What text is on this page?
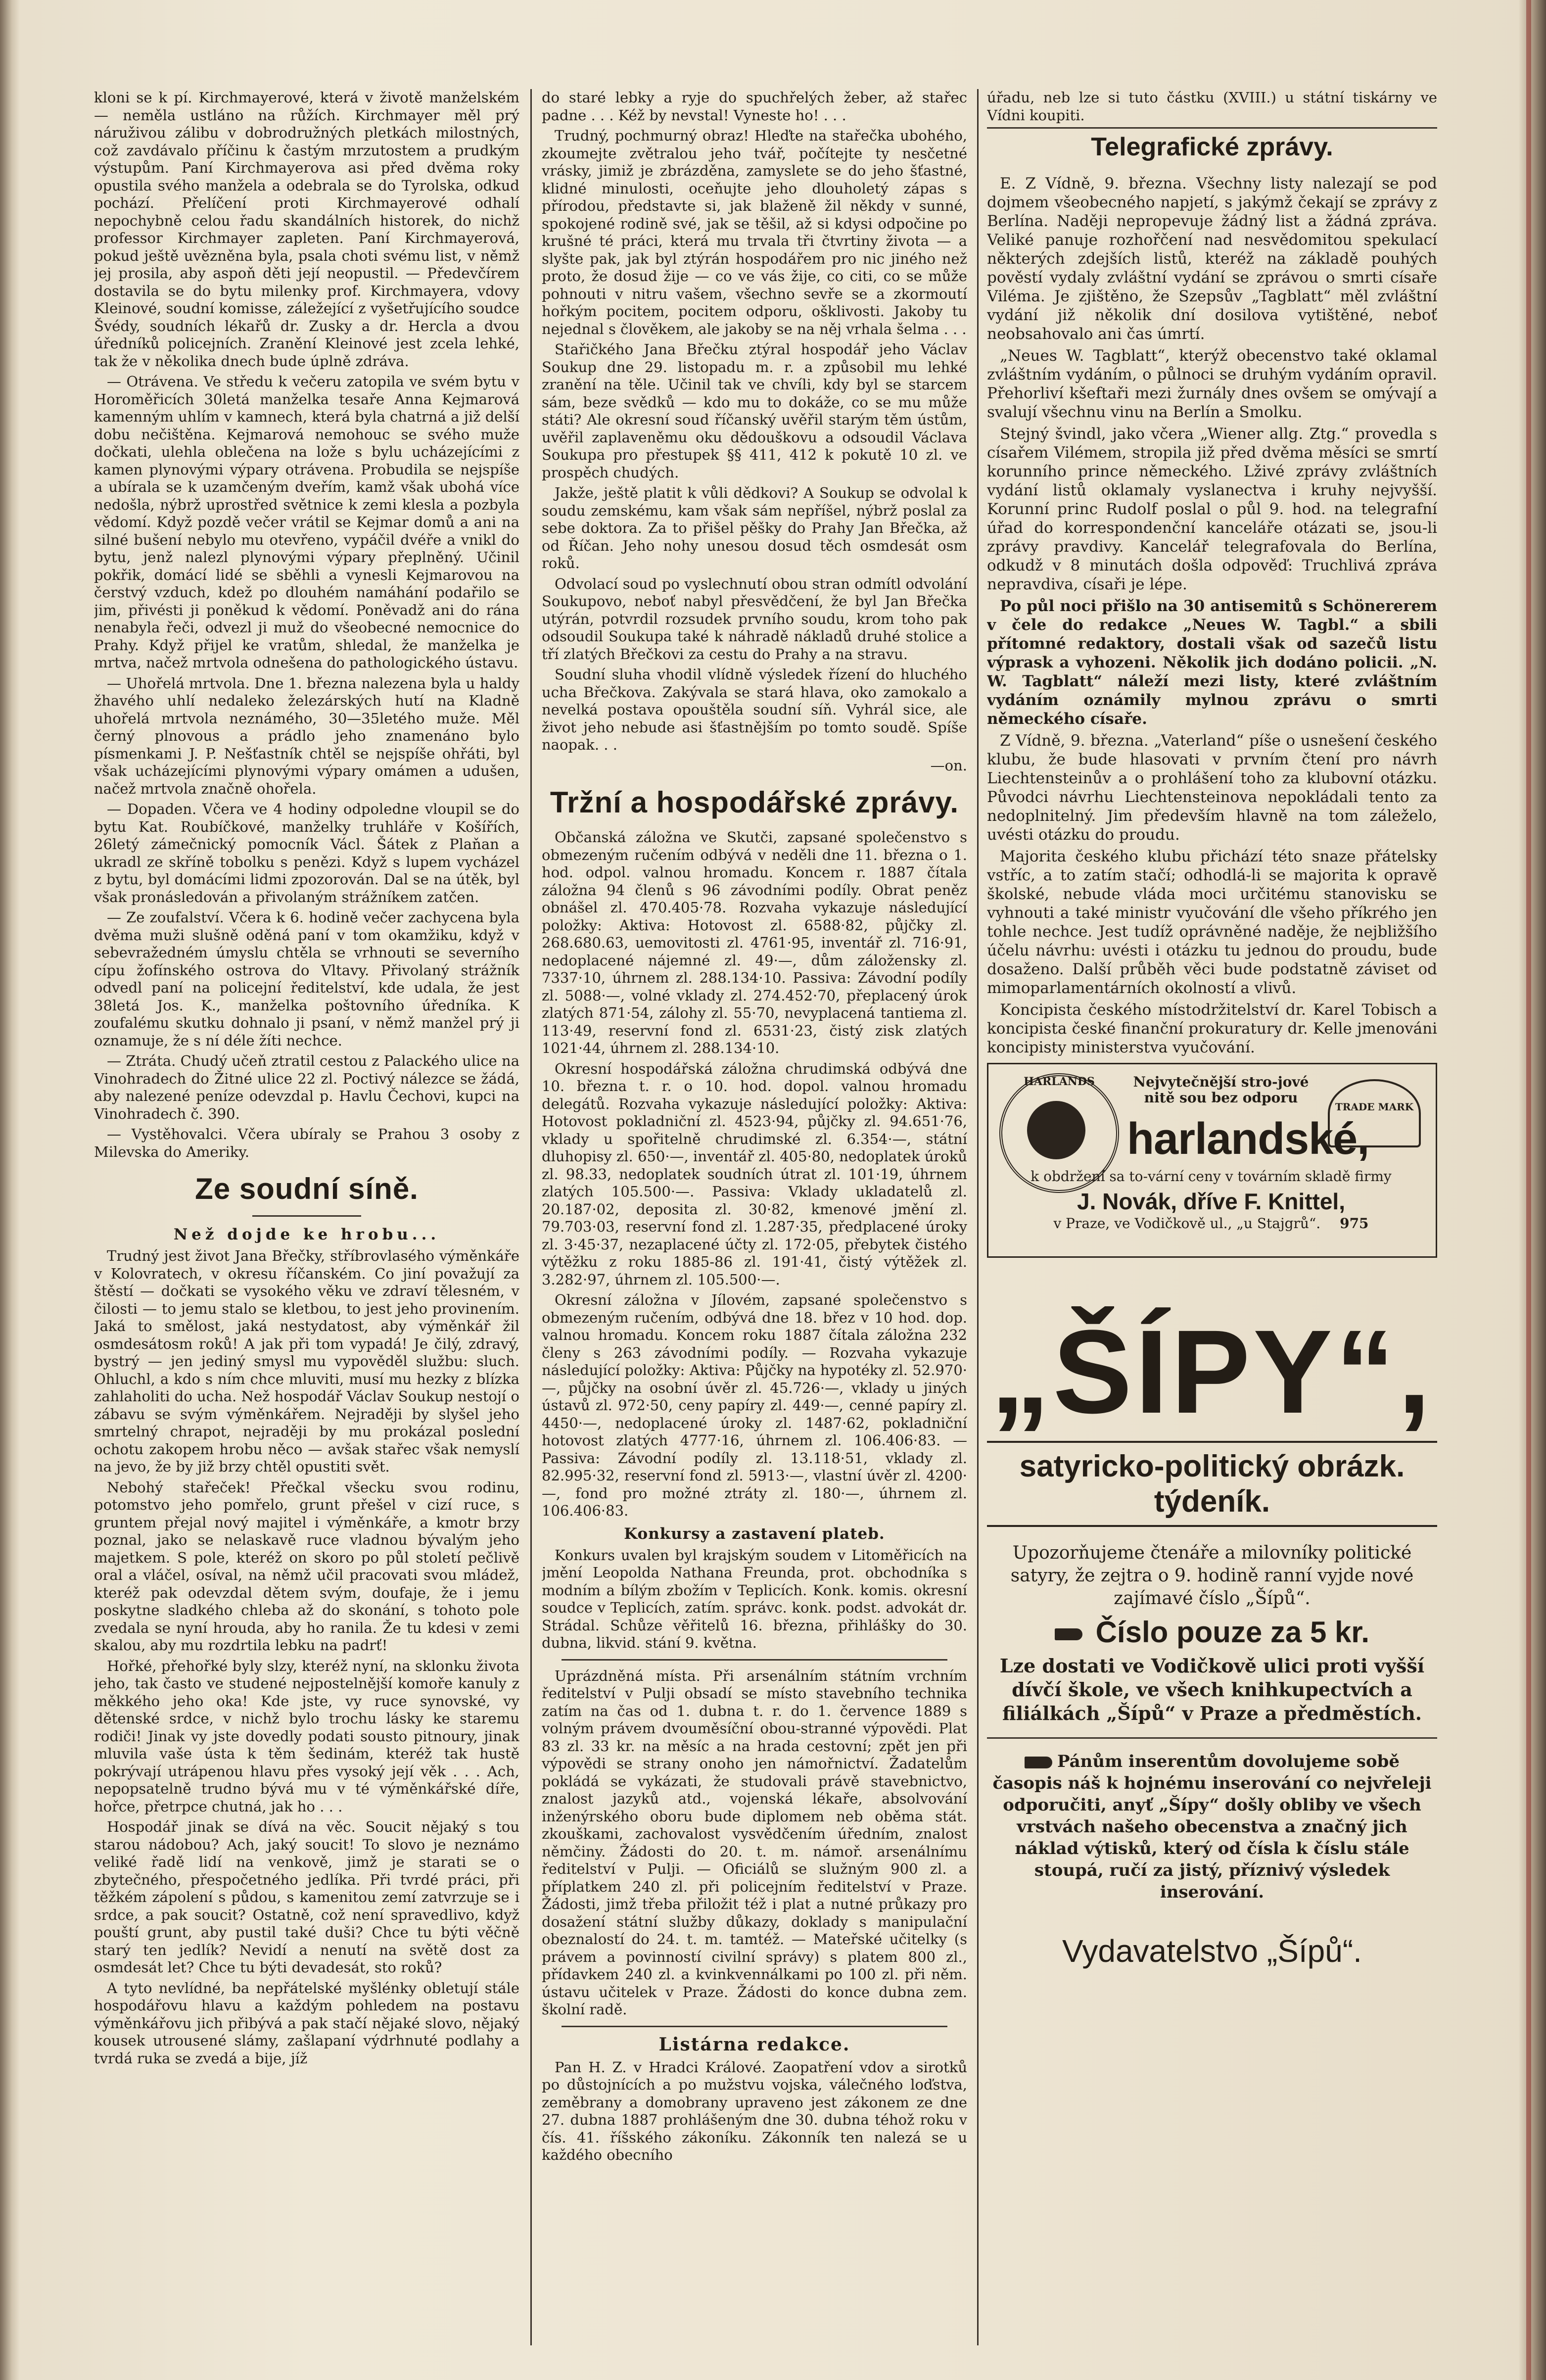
kloni se k pí. Kirchmayerové, která v životě manželském — neměla ustláno na růžích. Kirchmayer měl prý náruživou zálibu v dobrodružných pletkách milostných, což zavdávalo příčinu k častým mrzutostem a prudkým výstupům. Paní Kirchmayerova asi před dvěma roky opustila svého manžela a odebrala se do Tyrolska, odkud pochází. Přelíčení proti Kirchmayerové odhalí nepochybně celou řadu skandálních historek, do nichž professor Kirchmayer zapleten. Paní Kirchmayerová, pokud ještě uvězněna byla, psala choti svému list, v němž jej prosila, aby aspoň děti její neopustil. — Předevčírem dostavila se do bytu milenky prof. Kirchmayera, vdovy Kleinové, soudní komisse, záležející z vyšetřujícího soudce Švédy, soudních lékařů dr. Zusky a dr. Hercla a dvou úředníků policejních. Zranění Kleinové jest zcela lehké, tak že v několika dnech bude úplně zdráva.

— Otrávena. Ve středu k večeru zatopila ve svém bytu v Horoměřicích 30letá manželka tesaře Anna Kejmarová kamenným uhlím v kamnech, která byla chatrná a již delší dobu nečištěna. Kejmarová nemohouc se svého muže dočkati, ulehla oblečena na lože s bylu ucházejícími z kamen plynovými výpary otrávena. Probudila se nejspíše a ubírala se k uzamčeným dveřím, kamž však ubohá více nedošla, nýbrž uprostřed světnice k zemi klesla a pozbyla vědomí. Když pozdě večer vrátil se Kejmar domů a ani na silné bušení nebylo mu otevřeno, vypáčil dvéře a vnikl do bytu, jenž nalezl plynovými výpary přeplněný. Učinil pokřik, domácí lidé se sběhli a vynesli Kejmarovou na čerstvý vzduch, kdež po dlouhém namáhání podařilo se jim, přivésti ji poněkud k vědomí. Poněvadž ani do rána nenabyla řeči, odvezl ji muž do všeobecné nemocnice do Prahy. Když přijel ke vratům, shledal, že manželka je mrtva, načež mrtvola odnešena do pathologického ústavu.

— Uhořelá mrtvola. Dne 1. března nalezena byla u haldy žhavého uhlí nedaleko železárských hutí na Kladně uhořelá mrtvola neznámého, 30—35letého muže. Měl černý plnovous a prádlo jeho znamenáno bylo písmenkami J. P. Nešťastník chtěl se nejspíše ohřáti, byl však ucházejícími plynovými výpary omámen a udušen, načež mrtvola značně ohořela.

— Dopaden. Včera ve 4 hodiny odpoledne vloupil se do bytu Kat. Roubíčkové, manželky truhláře v Košířích, 26letý zámečnický pomocník Václ. Šátek z Plaňan a ukradl ze skříně tobolku s penězi. Když s lupem vycházel z bytu, byl domácími lidmi zpozorován. Dal se na útěk, byl však pronásledován a přivolaným strážníkem zatčen.

— Ze zoufalství. Včera k 6. hodině večer zachycena byla dvěma muži slušně oděná paní v tom okamžiku, když v sebevražedném úmyslu chtěla se vrhnouti se severního cípu žofínského ostrova do Vltavy. Přivolaný strážník odvedl paní na policejní ředitelství, kde udala, že jest 38letá Jos. K., manželka poštovního úředníka. K zoufalému skutku dohnalo ji psaní, v němž manžel prý ji oznamuje, že s ní déle žíti nechce.

— Ztráta. Chudý učeň ztratil cestou z Palackého ulice na Vinohradech do Žitné ulice 22 zl. Poctivý nálezce se žádá, aby nalezené peníze odevzdal p. Havlu Čechovi, kupci na Vinohradech č. 390.

— Vystěhovalci. Včera ubíraly se Prahou 3 osoby z Milevska do Ameriky.

Ze soudní síně.
Než dojde ke hrobu...

Trudný jest život Jana Břečky, stříbrovlasého výměnkáře v Kolovratech, v okresu říčanském. Co jiní považují za štěstí — dočkati se vysokého věku ve zdraví tělesném, v čilosti — to jemu stalo se kletbou, to jest jeho provinením. Jaká to smělost, jaká nestydatost, aby výměnkář žil osmdesátosm roků! A jak při tom vypadá! Je čilý, zdravý, bystrý — jen jediný smysl mu vypověděl službu: sluch. Ohluchl, a kdo s ním chce mluviti, musí mu hezky z blízka zahlaholiti do ucha. Než hospodář Václav Soukup nestojí o zábavu se svým výměnkářem. Nejraději by slyšel jeho smrtelný chrapot, nejraději by mu prokázal poslední ochotu zakopem hrobu něco — avšak stařec však nemyslí na jevo, že by již brzy chtěl opustiti svět.

Nebohý stařeček! Přečkal všecku svou rodinu, potomstvo jeho pomřelo, grunt přešel v cizí ruce, s gruntem přejal nový majitel i výměnkáře, a kmotr brzy poznal, jako se nelaskavě ruce vladnou bývalým jeho majetkem. S pole, kteréž on skoro po půl století pečlivě oral a vláčel, osíval, na němž učil pracovati svou mládež, kteréž pak odevzdal dětem svým, doufaje, že i jemu poskytne sladkého chleba až do skonání, s tohoto pole zvedala se nyní hrouda, aby ho ranila. Že tu kdesi v zemi skalou, aby mu rozdrtila lebku na padrť!

Hořké, přehořké byly slzy, kteréž nyní, na sklonku života jeho, tak často ve studené nejpostelnější komoře kanuly z měkkého jeho oka! Kde jste, vy ruce synovské, vy dětenské srdce, v nichž bylo trochu lásky ke staremu rodiči! Jinak vy jste dovedly podati sousto pitnoury, jinak mluvila vaše ústa k těm šedinám, kteréž tak hustě pokrývají utrápenou hlavu přes vysoký její věk . . . Ach, nepopsatelně trudno bývá mu v té výměnkářské díře, hořce, přetrpce chutná, jak ho . . .

Hospodář jinak se dívá na věc. Soucit nějaký s tou starou nádobou? Ach, jaký soucit! To slovo je neznámo veliké řadě lidí na venkově, jimž je starati se o zbytečného, přespočetného jedlíka. Při tvrdé práci, při těžkém zápolení s půdou, s kamenitou zemí zatvrzuje se i srdce, a pak soucit? Ostatně, což není spravedlivo, když pouští grunt, aby pustil také duši? Chce tu býti věčně starý ten jedlík? Nevidí a nenutí na světě dost za osmdesát let? Chce tu býti devadesát, sto roků?

A tyto nevlídné, ba nepřátelské myšlénky obletují stále hospodářovu hlavu a každým pohledem na postavu výměnkářovu jich přibývá a pak stačí nějaké slovo, nějaký kousek utrousené slámy, zašlapaní výdrhnuté podlahy a tvrdá ruka se zvedá a bije, jíž

do staré lebky a ryje do spuchřelých žeber, až stařec padne . . . Kéž by nevstal! Vyneste ho! . . .

Trudný, pochmurný obraz! Hleďte na stařečka ubohého, zkoumejte zvětralou jeho tvář, počítejte ty nesčetné vrásky, jimiž je zbrázděna, zamyslete se do jeho šťastné, klidné minulosti, oceňujte jeho dlouholetý zápas s přírodou, představte si, jak blaženě žil někdy v sunné, spokojené rodině své, jak se těšil, až si kdysi odpočine po krušné té práci, která mu trvala tři čtvrtiny života — a slyšte pak, jak byl ztýrán hospodářem pro nic jiného než proto, že dosud žije — co ve vás žije, co citi, co se může pohnouti v nitru vašem, všechno sevře se a zkormoutí hořkým pocitem, pocitem odporu, ošklivosti. Jakoby tu nejednal s člověkem, ale jakoby se na něj vrhala šelma . . .

Stařičkého Jana Břečku ztýral hospodář jeho Václav Soukup dne 29. listopadu m. r. a způsobil mu lehké zranění na těle. Učinil tak ve chvíli, kdy byl se starcem sám, beze svědků — kdo mu to dokáže, co se mu může státi? Ale okresní soud říčanský uvěřil starým těm ústům, uvěřil zaplaveněmu oku dědouškovu a odsoudil Václava Soukupa pro přestupek §§ 411, 412 k pokutě 10 zl. ve prospěch chudých.

Jakže, ještě platit k vůli dědkovi? A Soukup se odvolal k soudu zemskému, kam však sám nepříšel, nýbrž poslal za sebe doktora. Za to přišel pěšky do Prahy Jan Břečka, až od Říčan. Jeho nohy unesou dosud těch osmdesát osm roků.

Odvolací soud po vyslechnutí obou stran odmítl odvolání Soukupovo, neboť nabyl přesvědčení, že byl Jan Břečka utýrán, potvrdil rozsudek prvního soudu, krom toho pak odsoudil Soukupa také k náhradě nákladů druhé stolice a tří zlatých Břečkovi za cestu do Prahy a na stravu.

Soudní sluha vhodil vlídně výsledek řízení do hluchého ucha Břečkova. Zakývala se stará hlava, oko zamokalo a nevelká postava opouštěla soudní síň. Vyhrál sice, ale život jeho nebude asi šťastnějším po tomto soudě. Spíše naopak. . .

—on.

Tržní a hospodářské zprávy.

Občanská záložna ve Skutči, zapsané společenstvo s obmezeným ručením odbývá v neděli dne 11. března o 1. hod. odpol. valnou hromadu. Koncem r. 1887 čítala záložna 94 členů s 96 závodními podíly. Obrat peněz obnášel zl. 470.405·78. Rozvaha vykazuje následující položky: Aktiva: Hotovost zl. 6588·82, půjčky zl. 268.680.63, uemovitosti zl. 4761·95, inventář zl. 716·91, nedoplacené nájemné zl. 49·—, dům záložensky zl. 7337·10, úhrnem zl. 288.134·10. Passiva: Závodní podíly zl. 5088·—, volné vklady zl. 274.452·70, přeplacený úrok zlatých 871·54, zálohy zl. 55·70, nevyplacená tantiema zl. 113·49, reservní fond zl. 6531·23, čistý zisk zlatých 1021·44, úhrnem zl. 288.134·10.

Okresní hospodářská záložna chrudimská odbývá dne 10. března t. r. o 10. hod. dopol. valnou hromadu delegátů. Rozvaha vykazuje následující položky: Aktiva: Hotovost pokladniční zl. 4523·94, půjčky zl. 94.651·76, vklady u spořitelně chrudimské zl. 6.354·—, státní dluhopisy zl. 650·—, inventář zl. 405·80, nedoplatek úroků zl. 98.33, nedoplatek soudních útrat zl. 101·19, úhrnem zlatých 105.500·—. Passiva: Vklady ukladatelů zl. 20.187·02, deposita zl. 30·82, kmenové jmění zl. 79.703·03, reservní fond zl. 1.287·35, předplacené úroky zl. 3·45·37, nezaplacené účty zl. 172·05, přebytek čistého výtěžku z roku 1885-86 zl. 191·41, čistý výtěžek zl. 3.282·97, úhrnem zl. 105.500·—.

Okresní záložna v Jílovém, zapsané společenstvo s obmezeným ručením, odbývá dne 18. břez v 10 hod. dop. valnou hromadu. Koncem roku 1887 čítala záložna 232 členy s 263 závodními podíly. — Rozvaha vykazuje následující položky: Aktiva: Půjčky na hypotéky zl. 52.970·—, půjčky na osobní úvěr zl. 45.726·—, vklady u jiných ústavů zl. 972·50, ceny papíry zl. 449·—, cenné papíry zl. 4450·—, nedoplacené úroky zl. 1487·62, pokladniční hotovost zlatých 4777·16, úhrnem zl. 106.406·83. — Passiva: Závodní podíly zl. 13.118·51, vklady zl. 82.995·32, reservní fond zl. 5913·—, vlastní úvěr zl. 4200·—, fond pro možné ztráty zl. 180·—, úhrnem zl. 106.406·83.

Konkursy a zastavení plateb.

Konkurs uvalen byl krajským soudem v Litoměřicích na jmění Leopolda Nathana Freunda, prot. obchodníka s modním a bílým zbožím v Teplicích. Konk. komis. okresní soudce v Teplicích, zatím. správc. konk. podst. advokát dr. Strádal. Schůze věřitelů 16. března, přihlášky do 30. dubna, likvid. stání 9. května.

Uprázdněná místa. Při arsenálním státním vrchním ředitelství v Pulji obsadí se místo stavebního technika zatím na čas od 1. dubna t. r. do 1. července 1889 s volným právem dvouměsíční obou-stranné výpovědi. Plat 83 zl. 33 kr. na měsíc a na hrada cestovní; zpět jen při výpovědi se strany onoho jen námořnictví. Žadatelům pokládá se vykázati, že studovali právě stavebnictvo, znalost jazyků atd., vojenská lékaře, absolvování inženýrského oboru bude diplomem neb oběma stát. zkouškami, zachovalost vysvědčením úředním, znalost němčiny. Žádosti do 20. t. m. námoř. arsenálnímu ředitelství v Pulji. — Oficiálů se služným 900 zl. a příplatkem 240 zl. při policejním ředitelství v Praze. Žádosti, jimž třeba přiložit též i plat a nutné průkazy pro dosažení státní služby důkazy, doklady s manipulační obeznalostí do 24. t. m. tamtéž. — Mateřské učitelky (s právem a povinností civilní správy) s platem 800 zl., přídavkem 240 zl. a kvinkvennálkami po 100 zl. při něm. ústavu učitelek v Praze. Žádosti do konce dubna zem. školní radě.

Listárna redakce.

Pan H. Z. v Hradci Králové. Zaopatření vdov a sirotků po důstojnících a po mužstvu vojska, válečného loďstva, zeměbrany a domobrany upraveno jest zákonem ze dne 27. dubna 1887 prohlášeným dne 30. dubna téhož roku v čís. 41. říšského zákoníku. Zákonník ten nalezá se u každého obecního

úřadu, neb lze si tuto částku (XVIII.) u státní tiskárny ve Vídni koupiti.

Telegrafické zprávy.

E. Z Vídně, 9. března. Všechny listy nalezají se pod dojmem všeobecného napjetí, s jakýmž čekají se zprávy z Berlína. Naději nepropevuje žádný list a žádná zpráva. Veliké panuje rozhořčení nad nesvědomitou spekulací některých zdejších listů, kteréž na základě pouhých pověstí vydaly zvláštní vydání se zprávou o smrti císaře Viléma. Je zjištěno, že Szepsův „Tagblatt“ měl zvláštní vydání již několik dní dosilova vytištěné, neboť neobsahovalo ani čas úmrtí.

„Neues W. Tagblatt“, kterýž obecenstvo také oklamal zvláštním vydáním, o půlnoci se druhým vydáním opravil. Přehorliví kšeftaři mezi žurnály dnes ovšem se omývají a svalují všechnu vinu na Berlín a Smolku.

Stejný švindl, jako včera „Wiener allg. Ztg.“ provedla s císařem Vilémem, stropila již před dvěma měsíci se smrtí korunního prince německého. Lživé zprávy zvláštních vydání listů oklamaly vyslanectva i kruhy nejvyšší. Korunní princ Rudolf poslal o půl 9. hod. na telegrafní úřad do korrespondenční kanceláře otázati se, jsou-li zprávy pravdivy. Kancelář telegrafovala do Berlína, odkudž v 8 minutách došla odpověď: Truchlivá zpráva nepravdiva, císaři je lépe.

Po půl noci přišlo na 30 antisemitů s Schönererem v čele do redakce „Neues W. Tagbl.“ a sbili přítomné redaktory, dostali však od sazečů listu výprask a vyhozeni. Několik jich dodáno policii. „N. W. Tagblatt“ náleží mezi listy, které zvláštním vydáním oznámily mylnou zprávu o smrti německého císaře.

Z Vídně, 9. března. „Vaterland“ píše o usnešení českého klubu, že bude hlasovati v prvním čtení pro návrh Liechtensteinův a o prohlášení toho za klubovní otázku. Původci návrhu Liechtensteinova nepokládali tento za nedoplnitelný. Jim především hlavně na tom záleželo, uvésti otázku do proudu.

Majorita českého klubu přichází této snaze přátelsky vstříc, a to zatím stačí; odhodlá-li se majorita k opravě školské, nebude vláda moci určitému stanovisku se vyhnouti a také ministr vyučování dle všeho příkrého jen tohle nechce. Jest tudíž oprávněné naděje, že nejbližšího účelu návrhu: uvésti i otázku tu jednou do proudu, bude dosaženo. Další průběh věci bude podstatně záviset od mimoparlamentárních okolností a vlivů.

Koncipista českého místodržitelství dr. Karel Tobisch a koncipista české finanční prokuratury dr. Kelle jmenováni koncipisty ministerstva vyučování.

HARLANDS
TRADE MARK
Nejvytečnější stro-jové nitě sou bez odporu
harlandské,
k obdržení sa to-vární ceny v továrním skladě firmy
J. Novák, dříve F. Knittel,
v Praze, ve Vodičkově ul., „u Stajgrů“. 975
„ŠÍPY“,
satyricko-politický obrázk. týdeník.

Upozorňujeme čtenáře a milovníky politické satyry, že zejtra o 9. hodině ranní vyjde nové zajímavé číslo „Šípů“.

Číslo pouze za 5 kr.

Lze dostati ve Vodičkově ulici proti vyšší dívčí škole, ve všech knihkupectvích a filiálkách „Šípů“ v Praze a předměstích.

Pánům inserentům dovolujeme sobě časopis náš k hojnému inserování co nejvřeleji odporučiti, anyť „Šípy“ došly obliby ve všech vrstvách našeho obecenstva a značný jich náklad výtisků, který od čísla k číslu stále stoupá, ručí za jistý, příznivý výsledek inserování.

Vydavatelstvo „Šípů“.
